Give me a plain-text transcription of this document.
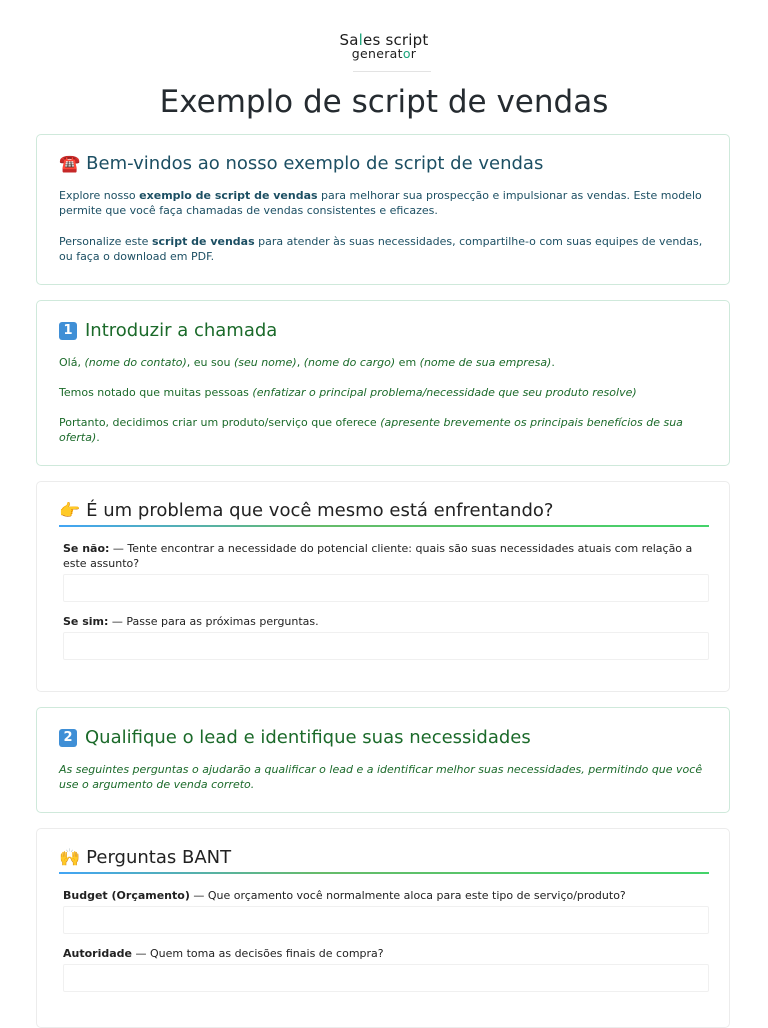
Sales script
generator
Exemplo de script de vendas
☎️ Bem-vindos ao nosso exemplo de script de vendas

Explore nosso exemplo de script de vendas para melhorar sua prospecção e impulsionar as vendas. Este modelo permite que você faça chamadas de vendas consistentes e eficazes.

Personalize este script de vendas para atender às suas necessidades, compartilhe-o com suas equipes de vendas, ou faça o download em PDF.

1 Introduzir a chamada

Olá, (nome do contato), eu sou (seu nome), (nome do cargo) em (nome de sua empresa).

Temos notado que muitas pessoas (enfatizar o principal problema/necessidade que seu produto resolve)

Portanto, decidimos criar um produto/serviço que oferece (apresente brevemente os principais benefícios de sua oferta).

👉 É um problema que você mesmo está enfrentando?

Se não: — Tente encontrar a necessidade do potencial cliente: quais são suas necessidades atuais com relação a este assunto?

Se sim: — Passe para as próximas perguntas.

2 Qualifique o lead e identifique suas necessidades

As seguintes perguntas o ajudarão a qualificar o lead e a identificar melhor suas necessidades, permitindo que você use o argumento de venda correto.

🙌 Perguntas BANT

Budget (Orçamento) — Que orçamento você normalmente aloca para este tipo de serviço/produto?

Autoridade — Quem toma as decisões finais de compra?
